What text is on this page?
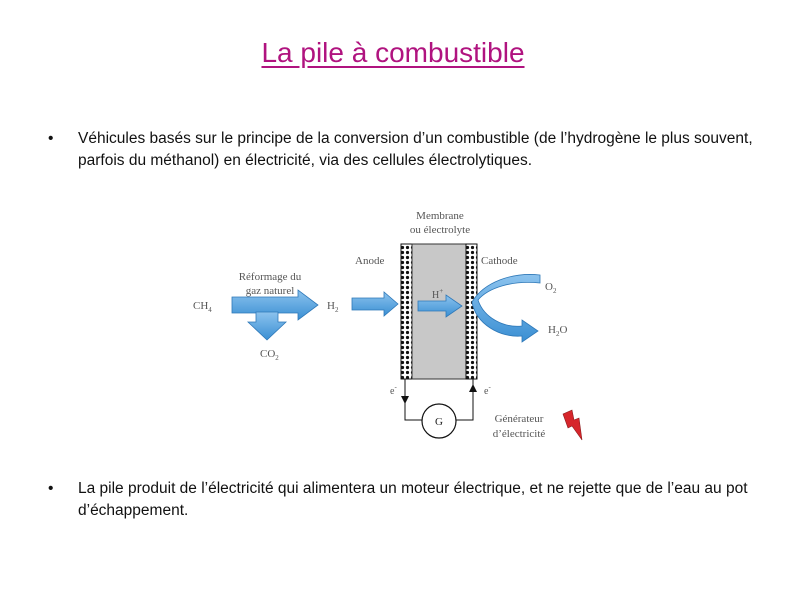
La pile à combustible
• Véhicules basés sur le principe de la conversion d’un combustible (de l’hydrogène le plus souvent, parfois du méthanol) en électricité, via des cellules électrolytiques.
Membrane
ou électrolyte
Anode	Cathode
Réformage du
gaz naturel
$CH_4$	$H_2$
$CO_2$
H+	$O_2$
$H_2O$
e-	e-
G	Générateur
d’électricité
• La pile produit de l’électricité qui alimentera un moteur électrique, et ne rejette que de l’eau au pot d’échappement.
